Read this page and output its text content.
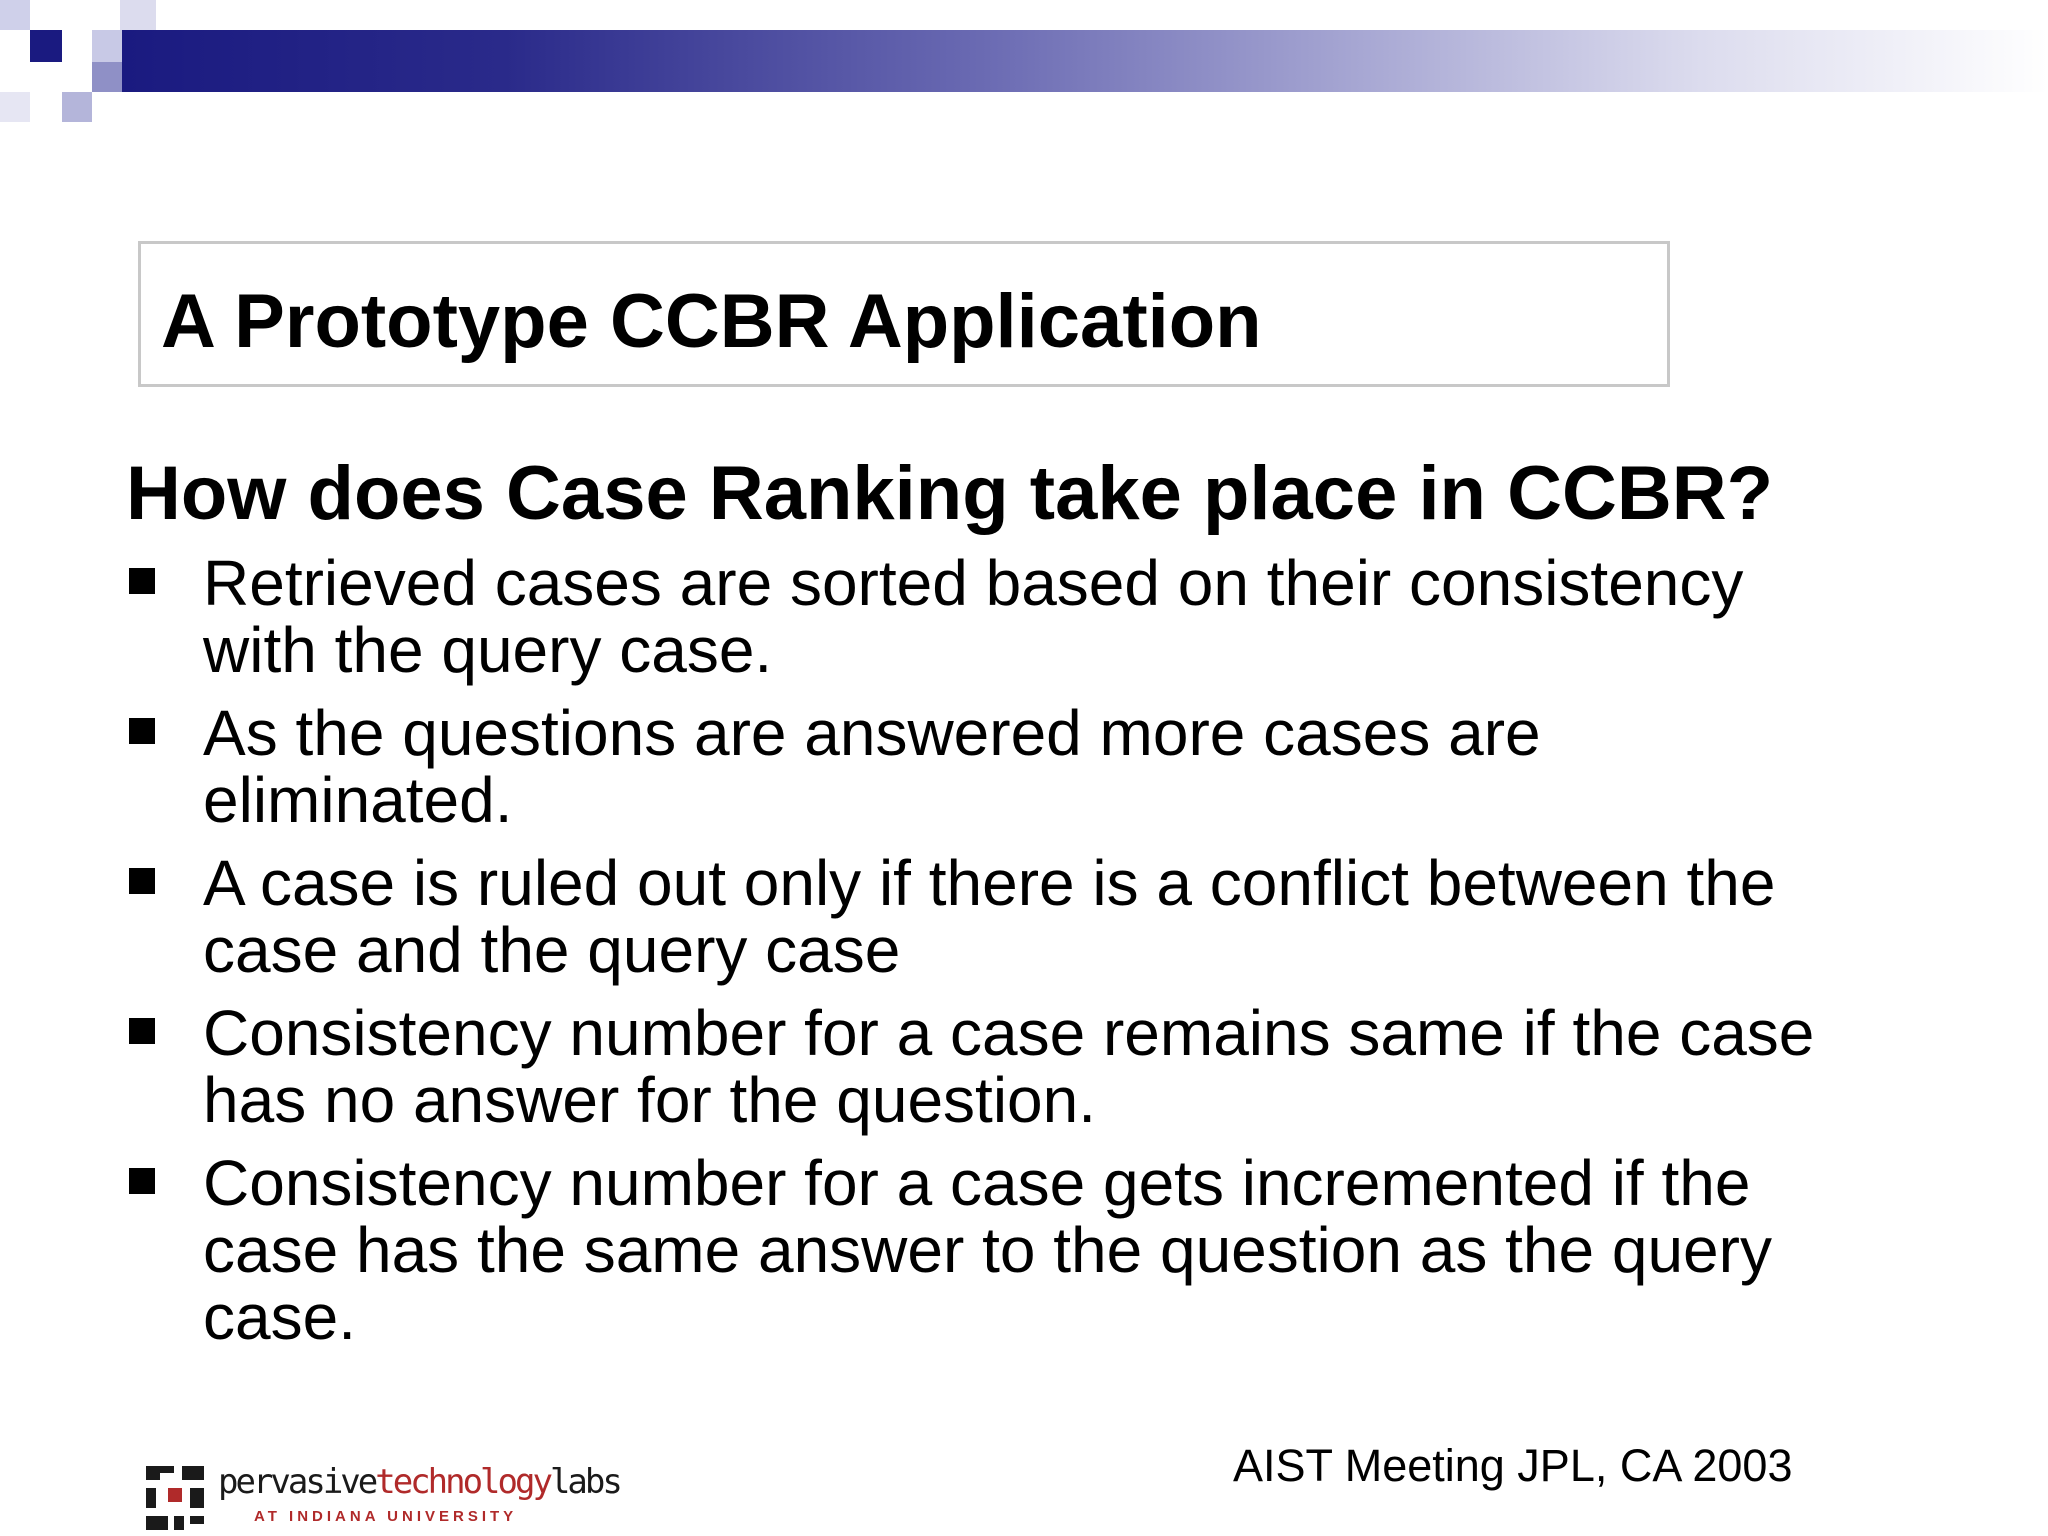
A Prototype CCBR Application
How does Case Ranking take place in CCBR?
Retrieved cases are sorted based on their consistency
with the query case.
As the questions are answered more cases are
eliminated.
A case is ruled out only if there is a conflict between the
case and the query case
Consistency number for a case remains same if the case
has no answer for the question.
Consistency number for a case gets incremented if the
case has the same answer to the question as the query
case.
pervasivetechnologylabs
AT INDIANA UNIVERSITY
AIST Meeting JPL, CA 2003
